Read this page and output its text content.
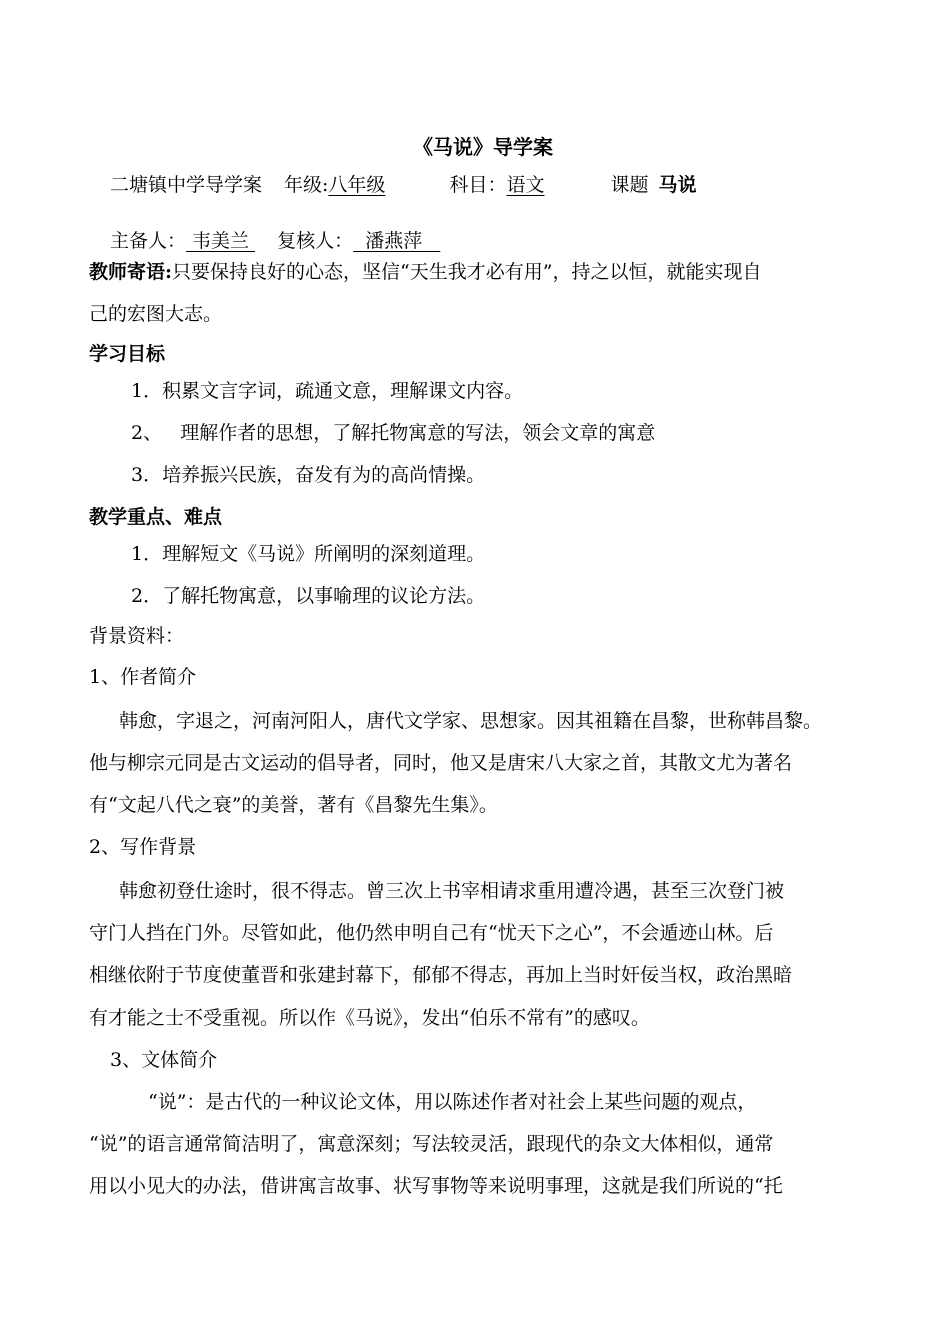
《马说》导学案
二塘镇中学导学案 年级:八年级	科目：语文	课题 马说
主备人： 韦美兰 复核人：  潘燕萍
教师寄语:只要保持良好的心态，坚信“天生我才必有用”，持之以恒，就能实现自
己的宏图大志。
学习目标
1．积累文言字词，疏通文意，理解课文内容。
2、   理解作者的思想，了解托物寓意的写法，领会文章的寓意
3．培养振兴民族，奋发有为的高尚情操。
教学重点、难点
1．理解短文《马说》所阐明的深刻道理。
2．了解托物寓意，以事喻理的议论方法。
背景资料：
1、作者简介
韩愈，字退之，河南河阳人，唐代文学家、思想家。因其祖籍在昌黎，世称韩昌黎。
他与柳宗元同是古文运动的倡导者，同时，他又是唐宋八大家之首，其散文尤为著名
有“文起八代之衰”的美誉，著有《昌黎先生集》。
2、写作背景
韩愈初登仕途时，很不得志。曾三次上书宰相请求重用遭冷遇，甚至三次登门被
守门人挡在门外。尽管如此，他仍然申明自己有“忧天下之心”，不会遁迹山林。后
相继依附于节度使董晋和张建封幕下，郁郁不得志，再加上当时奸佞当权，政治黑暗
有才能之士不受重视。所以作《马说》，发出“伯乐不常有”的感叹。
3、文体简介
“说”：是古代的一种议论文体，用以陈述作者对社会上某些问题的观点，
“说”的语言通常简洁明了，寓意深刻；写法较灵活，跟现代的杂文大体相似，通常
用以小见大的办法，借讲寓言故事、状写事物等来说明事理，这就是我们所说的“托
